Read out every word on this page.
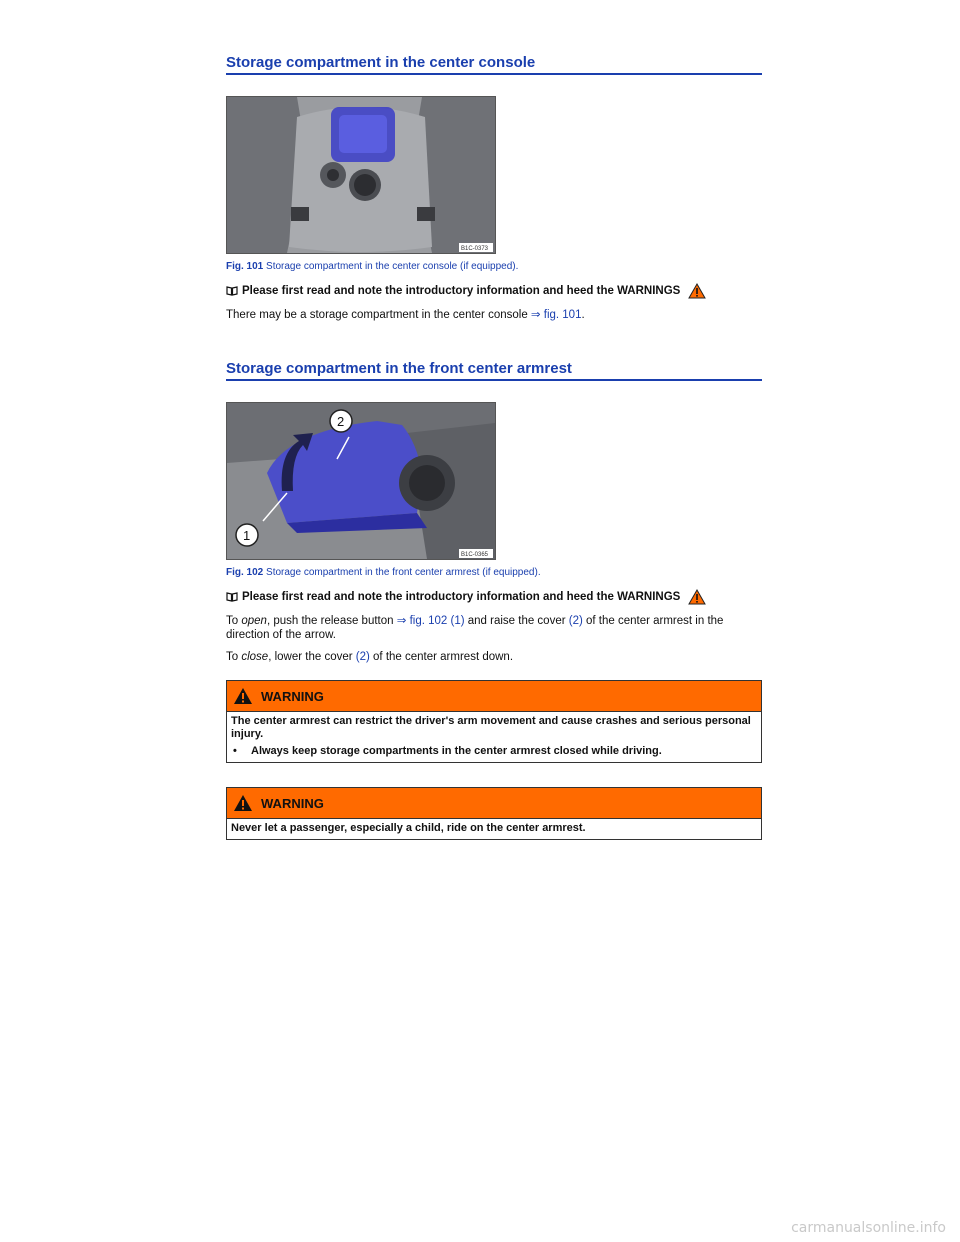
Storage compartment in the center console
B1C-0373
Fig. 101 Storage compartment in the center console (if equipped).
Please first read and note the introductory information and heed the WARNINGS
There may be a storage compartment in the center console ⇒ fig. 101.
Storage compartment in the front center armrest
1
2
B1C-0365
Fig. 102 Storage compartment in the front center armrest (if equipped).
Please first read and note the introductory information and heed the WARNINGS
To open, push the release button ⇒ fig. 102 (1) and raise the cover (2) of the center armrest in the direction of the arrow.
To close, lower the cover (2) of the center armrest down.
WARNING
The center armrest can restrict the driver's arm movement and cause crashes and serious personal injury.
•	Always keep storage compartments in the center armrest closed while driving.
WARNING
Never let a passenger, especially a child, ride on the center armrest.
carmanualsonline.info
